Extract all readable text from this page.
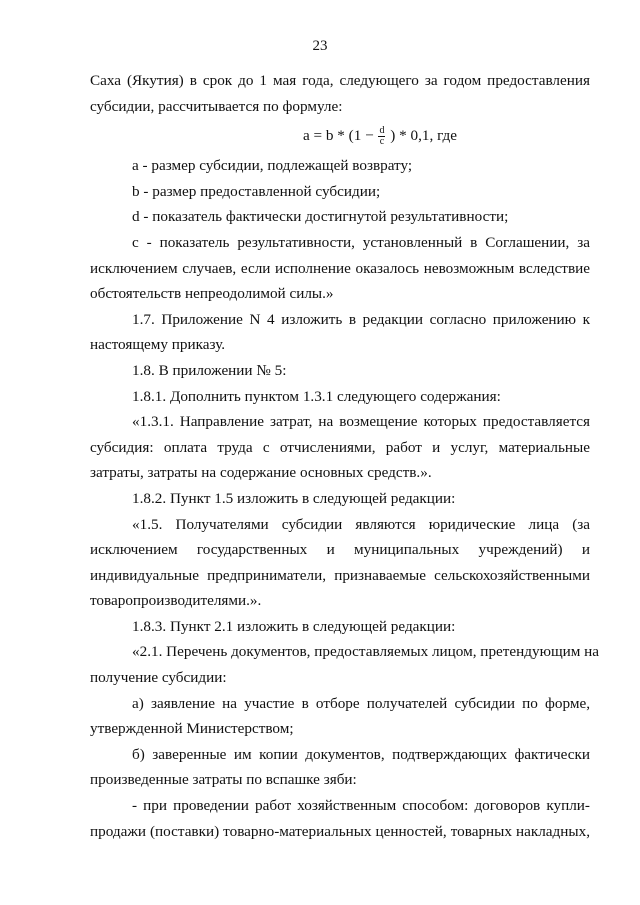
23
Саха (Якутия) в срок до 1 мая года, следующего за годом предоставления
субсидии, рассчитывается по формуле:
$a = b * (1 - \frac{d}{c}$ ) * 0,1, где
a - размер субсидии, подлежащей возврату;
b - размер предоставленной субсидии;
d - показатель фактически достигнутой результативности;
c - показатель результативности, установленный в Соглашении, за
исключением случаев, если исполнение оказалось невозможным вследствие
обстоятельств непреодолимой силы.»
1.7. Приложение N 4 изложить в редакции согласно приложению к
настоящему приказу.
1.8. В приложении № 5:
1.8.1. Дополнить пунктом 1.3.1 следующего содержания:
«1.3.1. Направление затрат, на возмещение которых предоставляется
субсидия: оплата труда с отчислениями, работ и услуг, материальные
затраты, затраты на содержание основных средств.».
1.8.2. Пункт 1.5 изложить в следующей редакции:
«1.5. Получателями субсидии являются юридические лица (за
исключением государственных и муниципальных учреждений) и
индивидуальные предприниматели, признаваемые сельскохозяйственными
товаропроизводителями.».
1.8.3. Пункт 2.1 изложить в следующей редакции:
«2.1. Перечень документов, предоставляемых лицом, претендующим на
получение субсидии:
а) заявление на участие в отборе получателей субсидии по форме,
утвержденной Министерством;
б) заверенные им копии документов, подтверждающих фактически
произведенные затраты по вспашке зяби:
- при проведении работ хозяйственным способом: договоров купли-
продажи (поставки) товарно-материальных ценностей, товарных накладных,
